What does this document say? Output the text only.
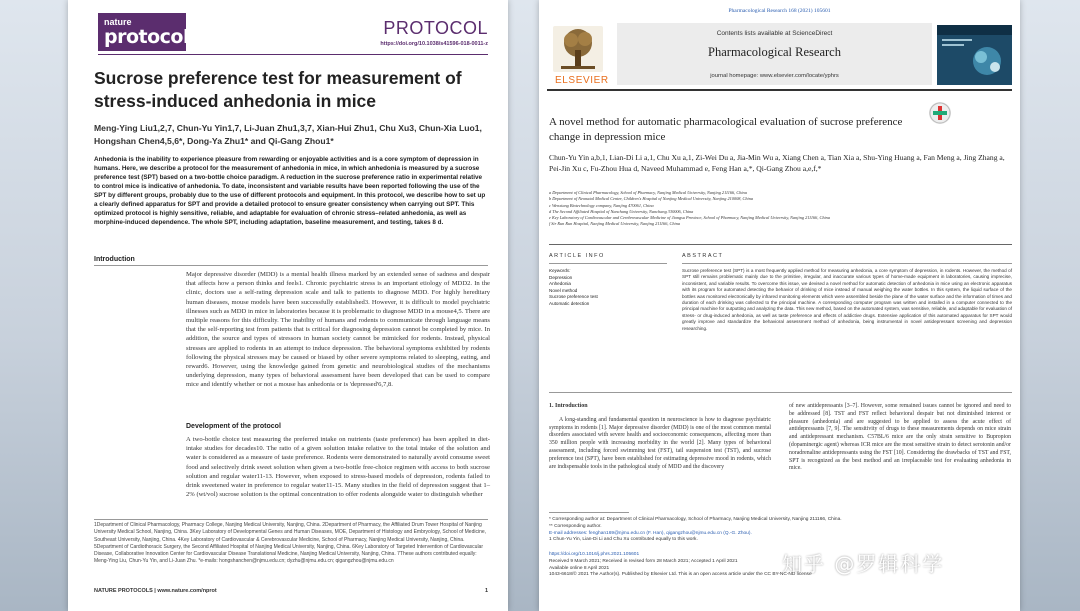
nature
protocols	PROTOCOL
https://doi.org/10.1038/s41596-018-0011-z
Sucrose preference test for measurement of stress-induced anhedonia in mice
Meng-Ying Liu1,2,7, Chun-Yu Yin1,7, Li-Juan Zhu1,3,7, Xian-Hui Zhu1, Chu Xu3, Chun-Xia Luo1, Hongshan Chen4,5,6*, Dong-Ya Zhu1* and Qi-Gang Zhou1*
Anhedonia is the inability to experience pleasure from rewarding or enjoyable activities and is a core symptom of depression in humans. Here, we describe a protocol for the measurement of anhedonia in mice, in which anhedonia is measured by a sucrose preference test (SPT) based on a two-bottle choice paradigm. A reduction in the sucrose preference ratio in experimental relative to control mice is indicative of anhedonia. To date, inconsistent and variable results have been reported following the use of the SPT by different groups, probably due to the use of different protocols and equipment. In this protocol, we describe how to set up a clearly defined apparatus for SPT and provide a detailed protocol to ensure greater consistency when carrying out SPT. This optimized protocol is highly sensitive, reliable, and adaptable for evaluation of chronic stress–related anhedonia, as well as morphine-induced dependence. The whole SPT, including adaptation, baseline measurement, and testing, takes 8 d.
Introduction
Major depressive disorder (MDD) is a mental health illness marked by an extended sense of sadness and despair that affects how a person thinks and feels1. Chronic psychiatric stress is an important etiology of MDD2. In the clinic, doctors use a self-rating depression scale and talk to patients to diagnose MDD. For highly hereditary human diseases, mouse models have been successfully established3. However, it is difficult to model psychiatric illnesses such as MDD in mice in laboratories because it is problematic to diagnose MDD in a mouse4,5. There are multiple reasons for this difficulty. The inability of humans and rodents to communicate through language means that the self-reporting test from patients that is critical for diagnosing depression cannot be completed by mice. In addition, the source and types of stressors in human society cannot be mimicked for rodents. Instead, physical stresses are applied to rodents in an attempt to induce depression. The behavioral symptoms exhibited by rodents following the physical stresses may be caused or biased by other severe symptoms related to sleeping, eating, and reward6. However, using the knowledge gained from genetic and neurobiological studies of the mechanisms underlying depression, many types of behavioral assessment have been developed that can be used to compare mice and identify whether or not a mouse has anhedonia or is 'depressed'6,7,8.
Development of the protocol
A two-bottle choice test measuring the preferred intake on nutrients (taste preference) has been applied in diet-intake studies for decades10. The ratio of a given solution intake relative to the total intake of the solution and water is considered as a measure of taste preference. Rodents were demonstrated to naturally avoid consume sweet food and selectively drink sweet solution when given a two-bottle free-choice regimen with access to both sucrose solution and regular water11-13. However, when exposed to stress-based models of depression, rodents failed to drink sweetened water in preference to regular water11-15. Many studies in the field of depression suggest that 1–2% (wt/vol) sucrose solution is the optimal concentration to offer rodents alongside water to distinguish whether
1Department of Clinical Pharmacology, Pharmacy College, Nanjing Medical University, Nanjing, China. 2Department of Pharmacy, the Affiliated Drum Tower Hospital of Nanjing University Medical School, Nanjing, China. 3Key Laboratory of Developmental Genes and Human Diseases, MOE, Department of Histology and Embryology, School of Medicine, Southeast University, Nanjing, China. 4Key Laboratory of Cardiovascular & Cerebrovascular Medicine, School of Pharmacy, Nanjing Medical University, Nanjing, China. 5Department of Cardiothoracic Surgery, the Second Affiliated Hospital of Nanjing Medical University, Nanjing, China. 6Key Laboratory of Targeted Intervention of Cardiovascular Disease, Collaborative Innovation Center for Cardiovascular Disease Translational Medicine, Nanjing Medical University, Nanjing, China. 7These authors contributed equally: Meng-Ying Liu, Chun-Yu Yin, and Li-Juan Zhu. *e-mails: hongshanchen@njmu.edu.cn; dyzhu@njmu.edu.cn; qigangzhou@njmu.edu.cn
NATURE PROTOCOLS | www.nature.com/nprot	1
Pharmacological Research 168 (2021) 105601
ELSEVIER
Contents lists available at ScienceDirect
Pharmacological Research
journal homepage: www.elsevier.com/locate/yphrs
A novel method for automatic pharmacological evaluation of sucrose preference change in depression mice
Chun-Yu Yin a,b,1, Lian-Di Li a,1, Chu Xu a,1, Zi-Wei Du a, Jia-Min Wu a, Xiang Chen a, Tian Xia a, Shu-Ying Huang a, Fan Meng a, Jing Zhang a, Pei-Jin Xu c, Fu-Zhou Hua d, Naveed Muhammad e, Feng Han a,*, Qi-Gang Zhou a,e,f,*
a Department of Clinical Pharmacology, School of Pharmacy, Nanjing Medical University, Nanjing 211166, China
b Department of Neonatal Medical Center, Children's Hospital of Nanjing Medical University, Nanjing 210008, China
c Wenxiang Biotechnology company, Nanjing 470061, China
d The Second Affiliated Hospital of Nanchang University, Nanchang 330006, China
e Key Laboratory of Cardiovascular and Cerebrovascular Medicine of Jiangsu Province, School of Pharmacy, Nanjing Medical University, Nanjing 211166, China
f Sir Run Run Hospital, Nanjing Medical University, Nanjing 211166, China
ARTICLE INFO
Keywords:
Depression
Anhedonia
Novel method
Sucrose preference test
Automatic detection
ABSTRACT
Sucrose preference test (SPT) is a most frequently applied method for measuring anhedonia, a core symptom of depression, in rodents. However, the method of SPT still remains problematic mainly due to the primitive, irregular, and inaccurate various types of home-made equipment in laboratories, causing imprecise, inconsistent, and variable results. To overcome this issue, we devised a novel method for automatic detection of anhedonia in mice using an electronic apparatus with its program for automated detecting the behavior of drinking of mice instead of manual weighing the water bottles. In this system, the liquid surface of the bottles was monitored electronically by infrared monitoring elements which were assembled beside the plane of the water surface and the information of times and duration of each drinking was collected to the principal machine. A corresponding computer program was written and installed in a computer connected to the principal machine for outputting and analyzing the data. This new method, based on the automated system, was sensitive, reliable, and adaptable for evaluation of stress- or drug-induced anhedonia, as well as taste preference and effects of addictive drugs. Extensive application of this automated apparatus for SPT would greatly improve and standardize the behavioral assessment method of anhedonia, being instrumental in novel antidepressant screening and depression researching.
1. Introduction

A long-standing and fundamental question in neuroscience is how to diagnose psychiatric symptoms in rodents [1]. Major depressive disorder (MDD) is one of the most common mental disorders associated with severe health and socioeconomic consequences, affecting more than 350 million people with increasing morbidity in the world [2]. Many types of behavioral assessment, including forced swimming test (FST), tail suspension test (TST), and sucrose preference test (SPT), have been established for estimating depressive mood in rodents, which are indispensable tools in the pathological study of MDD and the discovery

of new antidepressants [3–7]. However, some remained issues cannot be ignored and need to be addressed [8]. TST and FST reflect behavioral despair but not diminished interest or pleasure (anhedonia) and are suggested to be applied to assess the acute effect of antidepressants [7, 9]. The sensitivity of drugs to these measurements depends on mice strain and antidepressant mechanism. C57BL/6 mice are the only strain sensitive to Bupropion (dopaminergic agent) whereas ICR mice are the most sensitive strain to detect serotonin and/or noradrenaline antidepressants using the FST [10]. Considering the drawbacks of TST and FST, SPT is recognized as the best method and an irreplaceable test for evaluating anhedonia in mice.

* Corresponding author at: Department of Clinical Pharmacology, School of Pharmacy, Nanjing Medical University, Nanjing 211166, China.
** Corresponding author.
E-mail addresses: fenghan169@njmu.edu.cn (F. Han), qigangzhou@njmu.edu.cn (Q.-G. Zhou).
1 Chun-Yu Yin, Lian-Di Li and Chu Xu contributed equally to this work.
https://doi.org/10.1016/j.phrs.2021.105601
Received 9 March 2021; Received in revised form 28 March 2021; Accepted 1 April 2021
Available online 8 April 2021
1043-6618/© 2021 The Author(s). Published by Elsevier Ltd. This is an open access article under the CC BY-NC-ND license
知乎 @罗辑科学
